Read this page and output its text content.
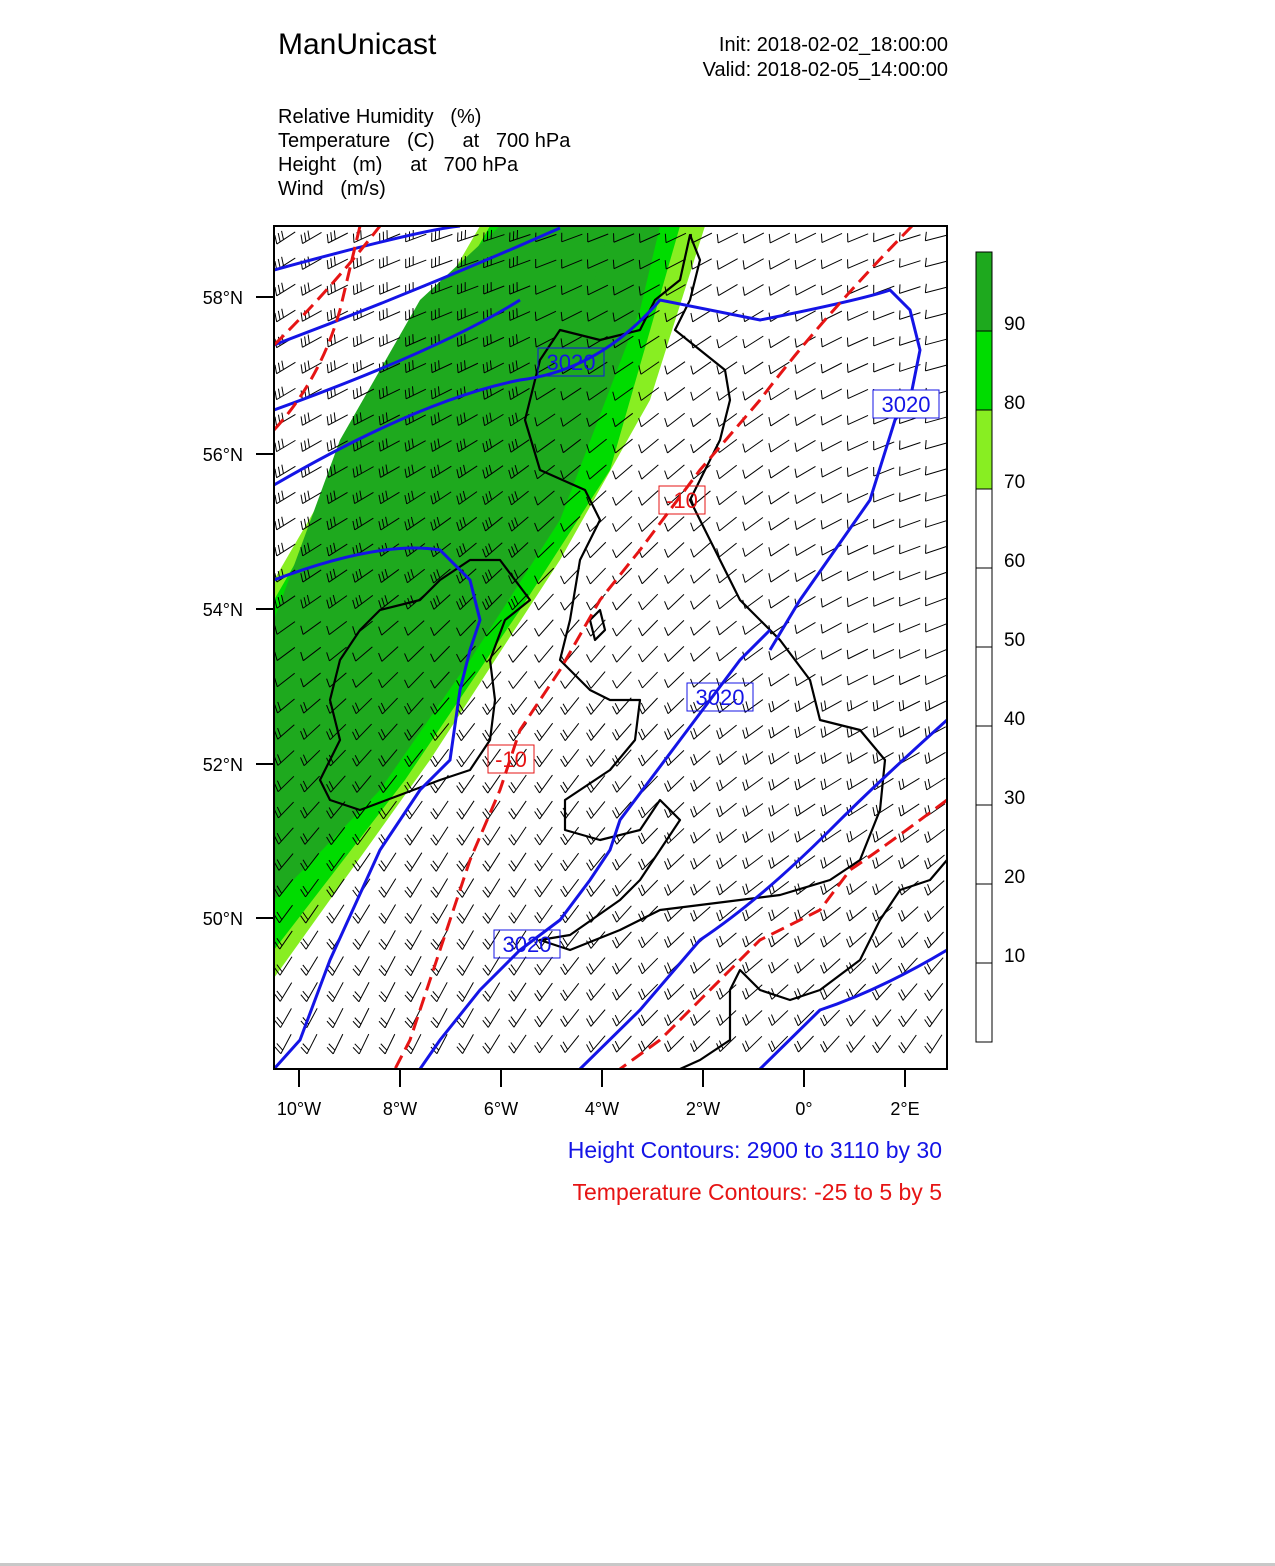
ManUnicast	Init: 2018-02-02_18:00:00
Valid: 2018-02-05_14:00:00
Relative Humidity (%)
Temperature (C) at   700 hPa
Height (m) at   700 hPa
Wind (m/s)
58°N
56°N
54°N
52°N
50°N
10°W	8°W	6°W	4°W	2°W	0°	2°E
3020
3020
3020
3020
-10
-10
90
80
70
60
50
40
30
20
10
Height Contours: 2900 to 3110 by 30
Temperature Contours: -25 to 5 by 5
